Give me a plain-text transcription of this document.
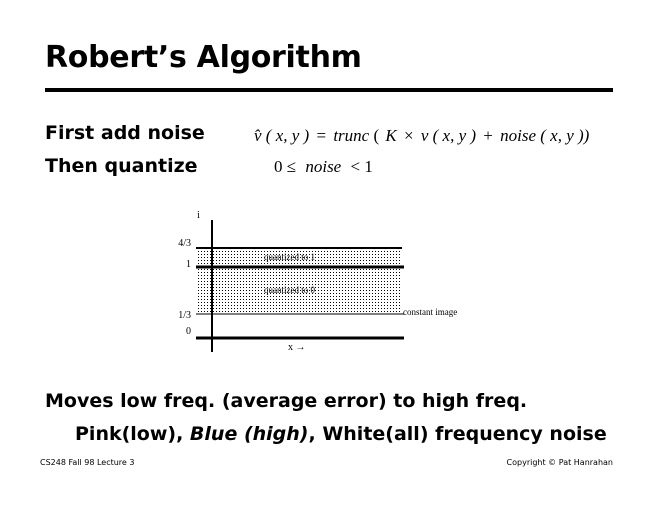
Robert’s Algorithm
First add noise
Then quantize
v̂ ( x, y ) = trunc ( K × v ( x, y ) + noise ( x, y ))
0 ≤ noise < 1
i
4/3
1
1/3
0
quantized to 1
quantized to 0
constant image
x →
Moves low freq. (average error) to high freq.
Pink(low), Blue (high), White(all) frequency noise
CS248 Fall 98 Lecture 3	Copyright © Pat Hanrahan
